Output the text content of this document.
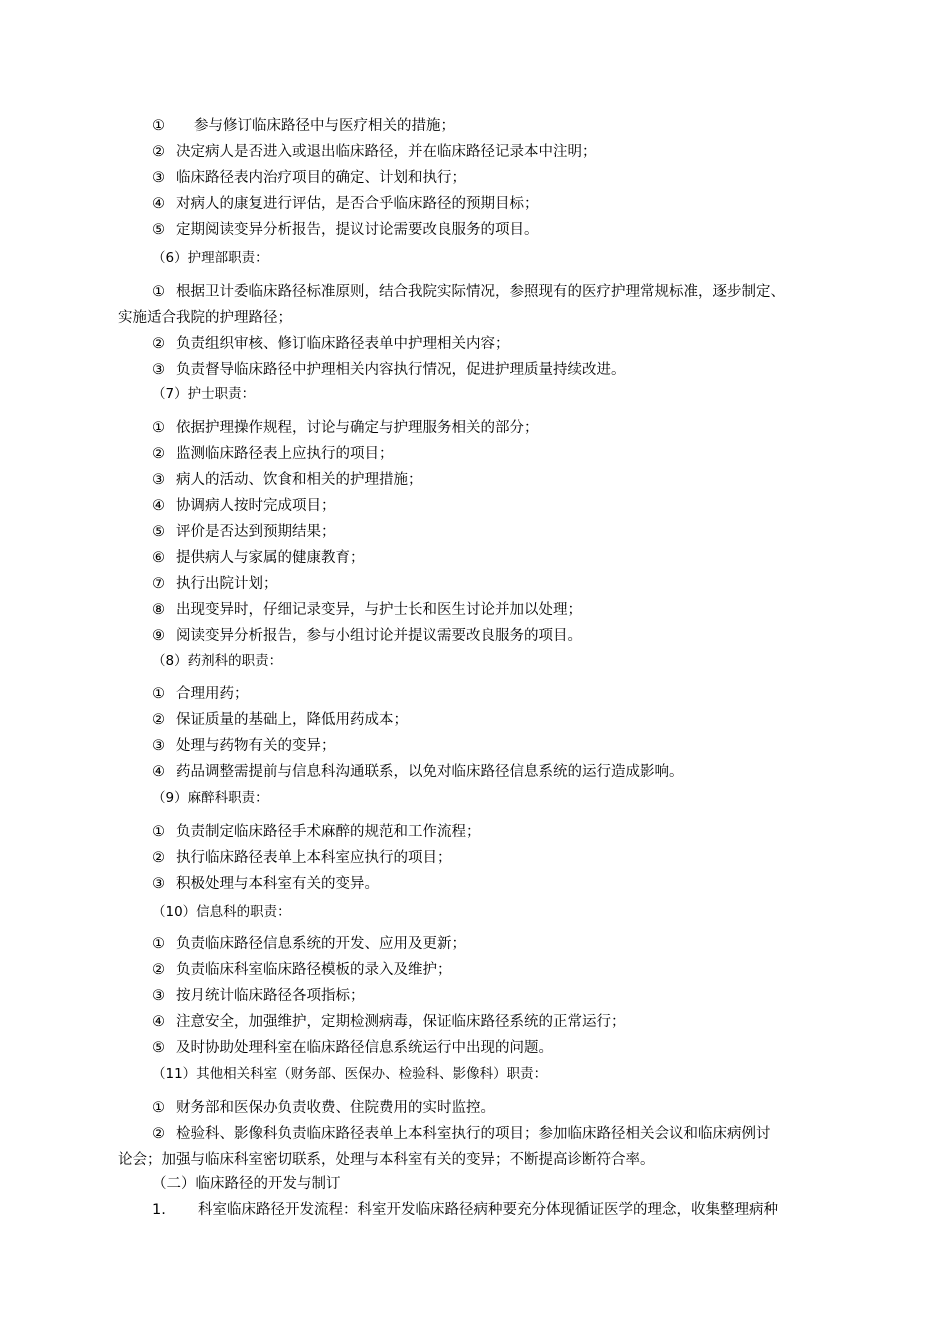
① 参与修订临床路径中与医疗相关的措施；
② 决定病人是否进入或退出临床路径，并在临床路径记录本中注明；
③ 临床路径表内治疗项目的确定、计划和执行；
④ 对病人的康复进行评估，是否合乎临床路径的预期目标；
⑤ 定期阅读变异分析报告，提议讨论需要改良服务的项目。
（6）护理部职责：
① 根据卫计委临床路径标准原则，结合我院实际情况，参照现有的医疗护理常规标准，逐步制定、
实施适合我院的护理路径；
② 负责组织审核、修订临床路径表单中护理相关内容；
③ 负责督导临床路径中护理相关内容执行情况，促进护理质量持续改进。
（7）护士职责：
① 依据护理操作规程，讨论与确定与护理服务相关的部分；
② 监测临床路径表上应执行的项目；
③ 病人的活动、饮食和相关的护理措施；
④ 协调病人按时完成项目；
⑤ 评价是否达到预期结果；
⑥ 提供病人与家属的健康教育；
⑦ 执行出院计划；
⑧ 出现变异时，仔细记录变异，与护士长和医生讨论并加以处理；
⑨ 阅读变异分析报告，参与小组讨论并提议需要改良服务的项目。
（8）药剂科的职责：
① 合理用药；
② 保证质量的基础上，降低用药成本；
③ 处理与药物有关的变异；
④ 药品调整需提前与信息科沟通联系，以免对临床路径信息系统的运行造成影响。
（9）麻醉科职责：
① 负责制定临床路径手术麻醉的规范和工作流程；
② 执行临床路径表单上本科室应执行的项目；
③ 积极处理与本科室有关的变异。
（10）信息科的职责：
① 负责临床路径信息系统的开发、应用及更新；
② 负责临床科室临床路径模板的录入及维护；
③ 按月统计临床路径各项指标；
④ 注意安全，加强维护，定期检测病毒，保证临床路径系统的正常运行；
⑤ 及时协助处理科室在临床路径信息系统运行中出现的问题。
（11）其他相关科室（财务部、医保办、检验科、影像科）职责：
① 财务部和医保办负责收费、住院费用的实时监控。
② 检验科、影像科负责临床路径表单上本科室执行的项目；参加临床路径相关会议和临床病例讨
论会；加强与临床科室密切联系，处理与本科室有关的变异；不断提高诊断符合率。
（二）临床路径的开发与制订
1. 科室临床路径开发流程：科室开发临床路径病种要充分体现循证医学的理念，收集整理病种
